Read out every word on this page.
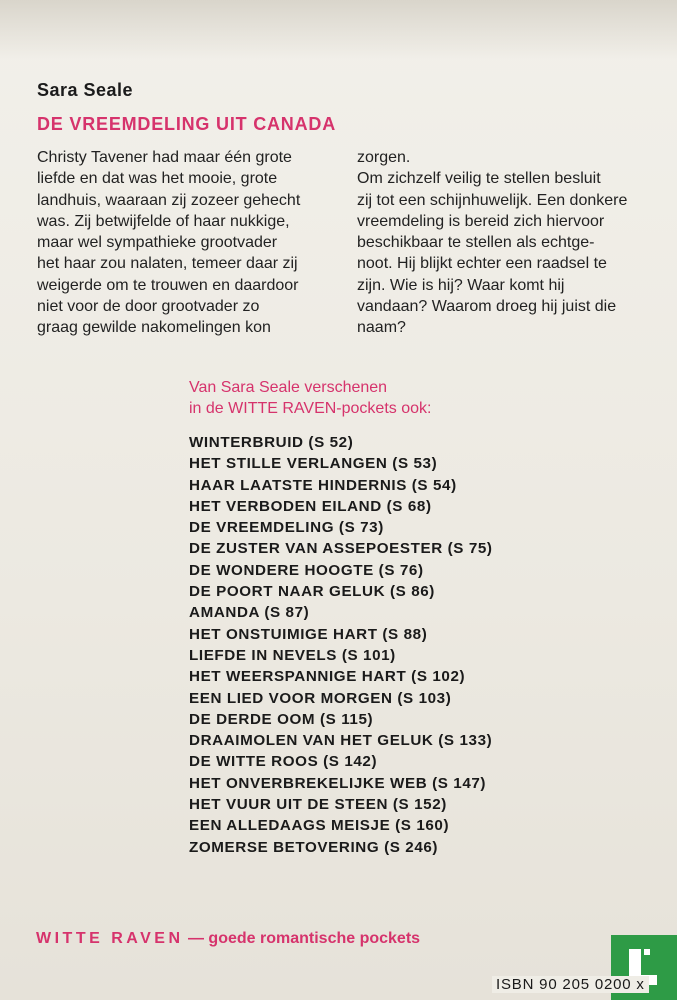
Sara Seale
DE VREEMDELING UIT CANADA

Christy Tavener had maar één grote

liefde en dat was het mooie, grote

landhuis, waaraan zij zozeer gehecht

was. Zij betwijfelde of haar nukkige,

maar wel sympathieke grootvader

het haar zou nalaten, temeer daar zij

weigerde om te trouwen en daardoor

niet voor de door grootvader zo

graag gewilde nakomelingen kon

zorgen.

Om zichzelf veilig te stellen besluit

zij tot een schijnhuwelijk. Een donkere

vreemdeling is bereid zich hiervoor

beschikbaar te stellen als echtge-

noot. Hij blijkt echter een raadsel te

zijn. Wie is hij? Waar komt hij

vandaan? Waarom droeg hij juist die

naam?

Van Sara Seale verschenen

in de WITTE RAVEN-pockets ook:

WINTERBRUID (S 52)
HET STILLE VERLANGEN (S 53)
HAAR LAATSTE HINDERNIS (S 54)
HET VERBODEN EILAND (S 68)
DE VREEMDELING (S 73)
DE ZUSTER VAN ASSEPOESTER (S 75)
DE WONDERE HOOGTE (S 76)
DE POORT NAAR GELUK (S 86)
AMANDA (S 87)
HET ONSTUIMIGE HART (S 88)
LIEFDE IN NEVELS (S 101)
HET WEERSPANNIGE HART (S 102)
EEN LIED VOOR MORGEN (S 103)
DE DERDE OOM (S 115)
DRAAIMOLEN VAN HET GELUK (S 133)
DE WITTE ROOS (S 142)
HET ONVERBREKELIJKE WEB (S 147)
HET VUUR UIT DE STEEN (S 152)
EEN ALLEDAAGS MEISJE (S 160)
ZOMERSE BETOVERING (S 246)
WITTE RAVEN — goede romantische pockets
ISBN 90 205 0200 x
